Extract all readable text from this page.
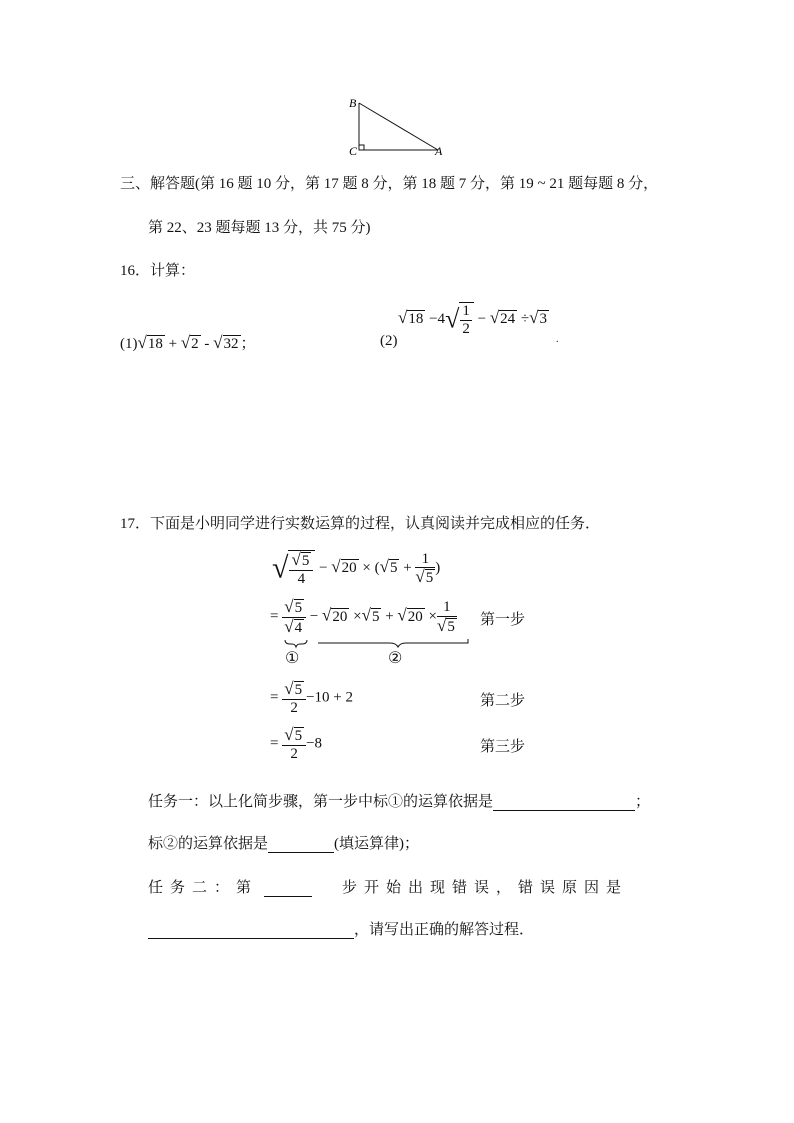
B
C	A
三、解答题(第 16 题 10 分，第 17 题 8 分，第 18 题 7 分，第 19 ~ 21 题每题 8 分，
第 22、23 题每题 13 分，共 75 分)
16．计算：
(1)√18 + √2 - √32 ；	(2)
$√18 -4√ \frac{1}{2} - √24 \div√3$
.
17．下面是小明同学进行实数运算的过程，认真阅读并完成相应的任务．
√ $\frac{√5}{4} - √20 \times (√5 + \frac{1}{√5}$ )
= $\frac{√5}{√4} - √20 \times√5 + √20 \times \frac{1}{√5}$ 第一步
①	②
= $\frac{√5}{2} -10 + 2$	第二步
= $\frac{√5}{2} -8$	第三步
任务一：以上化简步骤，第一步中标①的运算依据是	；
标②的运算依据是	(填运算律)；
任务二：第	步开始出现错误，错误原因是
，请写出正确的解答过程．
